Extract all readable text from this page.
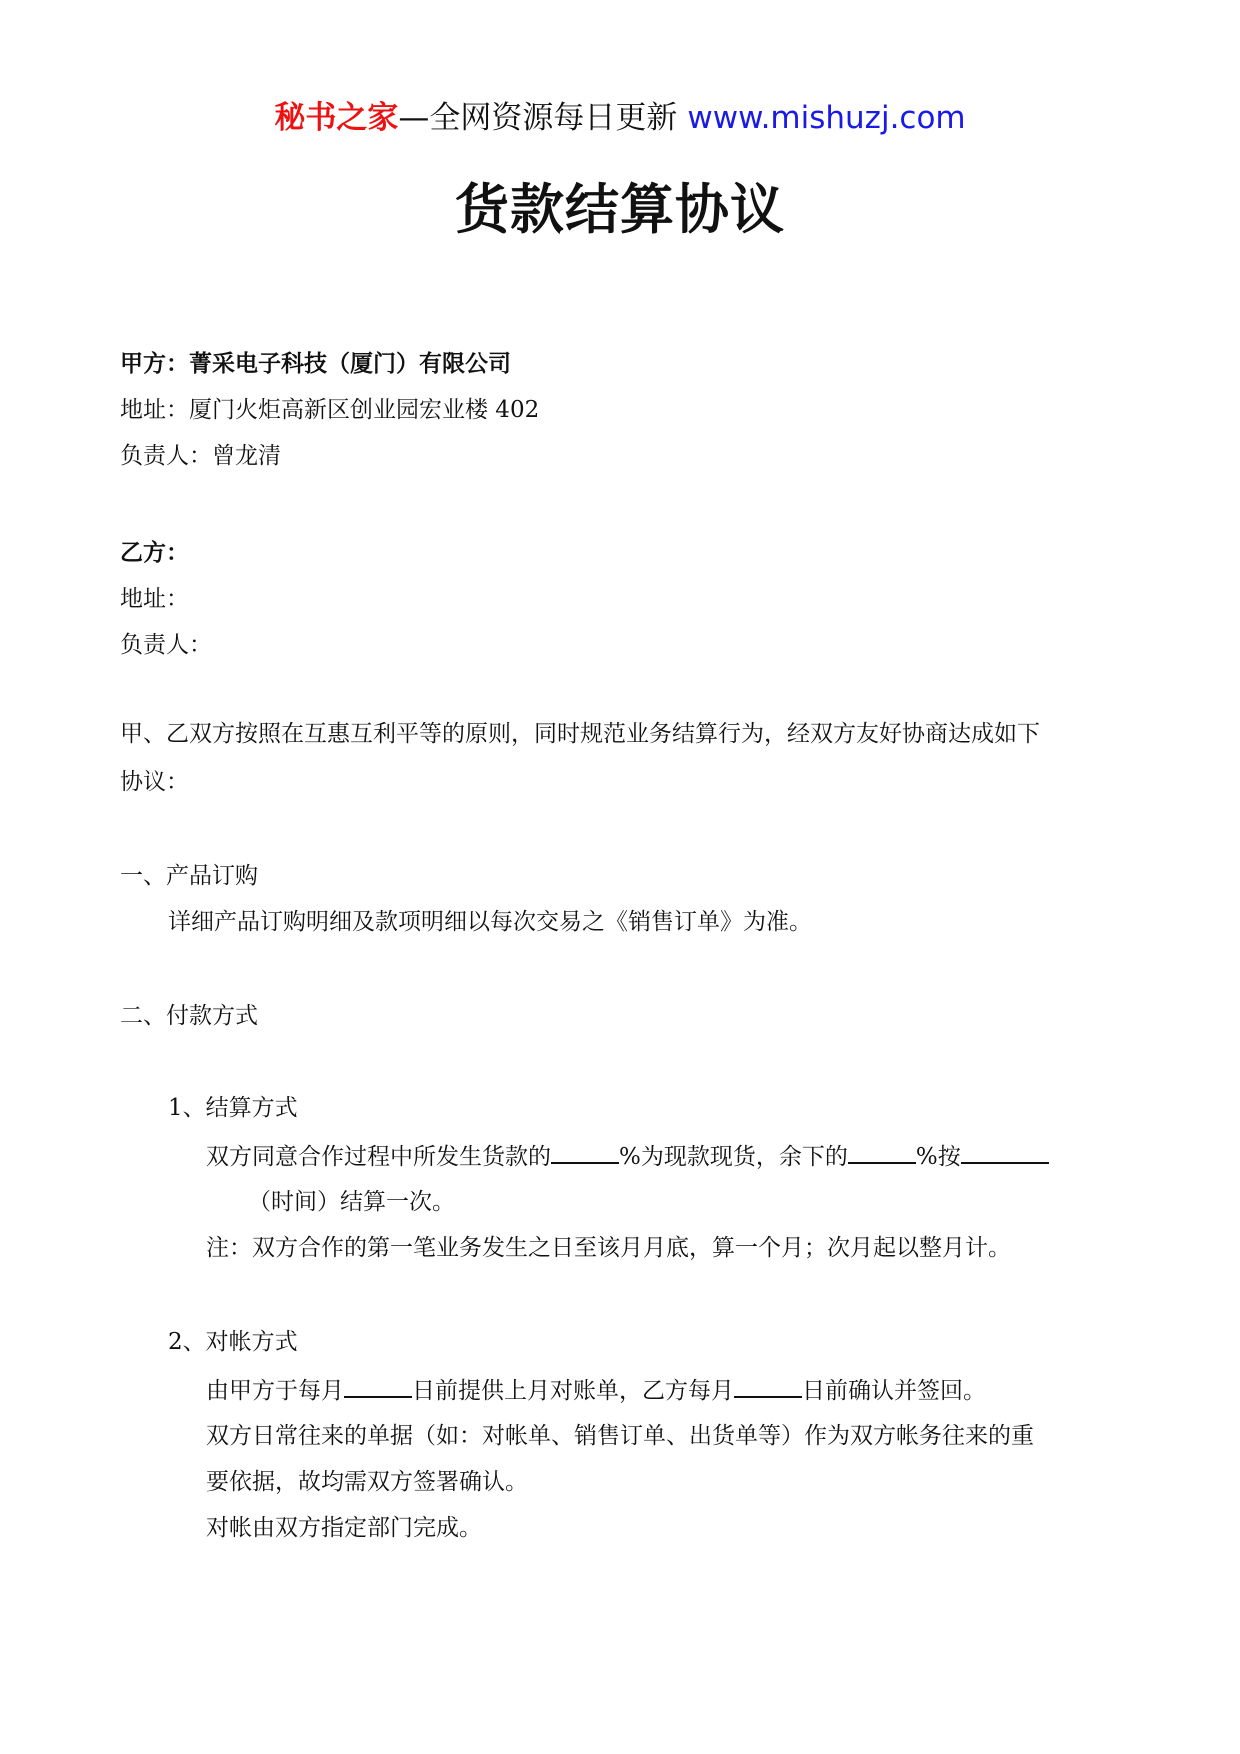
秘书之家—全网资源每日更新 www.mishuzj.com
货款结算协议
甲方：菁采电子科技（厦门）有限公司
地址：厦门火炬高新区创业园宏业楼 402
负责人：曾龙清
乙方：
地址：
负责人：
甲、乙双方按照在互惠互利平等的原则，同时规范业务结算行为，经双方友好协商达成如下
协议：
一、产品订购
详细产品订购明细及款项明细以每次交易之《销售订单》为准。
二、付款方式
1、结算方式
双方同意合作过程中所发生货款的	%为现款现货，余下的	%按
（时间）结算一次。
注：双方合作的第一笔业务发生之日至该月月底，算一个月；次月起以整月计。
2、对帐方式
由甲方于每月	日前提供上月对账单，乙方每月	日前确认并签回。
双方日常往来的单据（如：对帐单、销售订单、出货单等）作为双方帐务往来的重
要依据，故均需双方签署确认。
对帐由双方指定部门完成。
